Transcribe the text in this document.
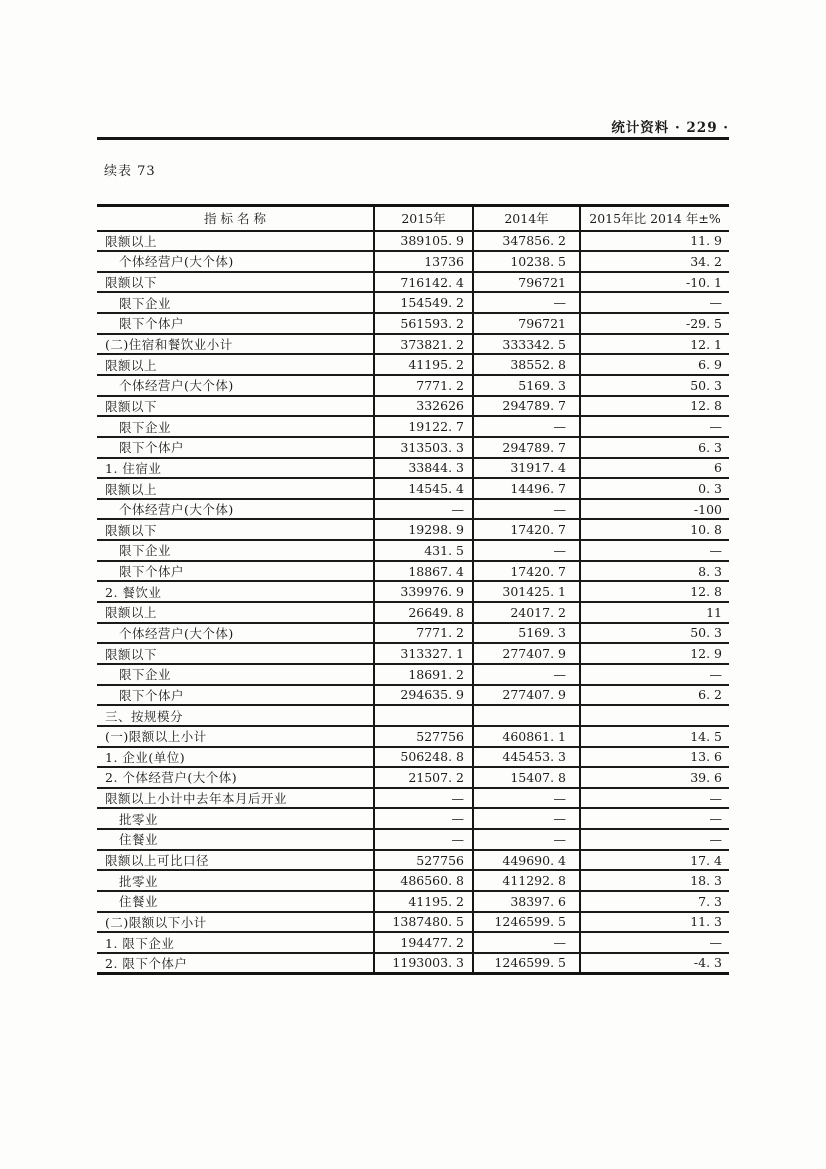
统计资料 · 229 ·
续表 73
指 标 名 称	2015年	2014年	2015年比 2014 年±%
限额以上	389105. 9	347856. 2	11. 9
个体经营户(大个体)	13736	10238. 5	34. 2
限额以下	716142. 4	796721	-10. 1
限下企业	154549. 2	—	—
限下个体户	561593. 2	796721	-29. 5
(二)住宿和餐饮业小计	373821. 2	333342. 5	12. 1
限额以上	41195. 2	38552. 8	6. 9
个体经营户(大个体)	7771. 2	5169. 3	50. 3
限额以下	332626	294789. 7	12. 8
限下企业	19122. 7	—	—
限下个体户	313503. 3	294789. 7	6. 3
1. 住宿业	33844. 3	31917. 4	6
限额以上	14545. 4	14496. 7	0. 3
个体经营户(大个体)	—	—	-100
限额以下	19298. 9	17420. 7	10. 8
限下企业	431. 5	—	—
限下个体户	18867. 4	17420. 7	8. 3
2. 餐饮业	339976. 9	301425. 1	12. 8
限额以上	26649. 8	24017. 2	11
个体经营户(大个体)	7771. 2	5169. 3	50. 3
限额以下	313327. 1	277407. 9	12. 9
限下企业	18691. 2	—	—
限下个体户	294635. 9	277407. 9	6. 2
三、按规模分			
(一)限额以上小计	527756	460861. 1	14. 5
1. 企业(单位)	506248. 8	445453. 3	13. 6
2. 个体经营户(大个体)	21507. 2	15407. 8	39. 6
限额以上小计中去年本月后开业	—	—	—
批零业	—	—	—
住餐业	—	—	—
限额以上可比口径	527756	449690. 4	17. 4
批零业	486560. 8	411292. 8	18. 3
住餐业	41195. 2	38397. 6	7. 3
(二)限额以下小计	1387480. 5	1246599. 5	11. 3
1. 限下企业	194477. 2	—	—
2. 限下个体户	1193003. 3	1246599. 5	-4. 3
